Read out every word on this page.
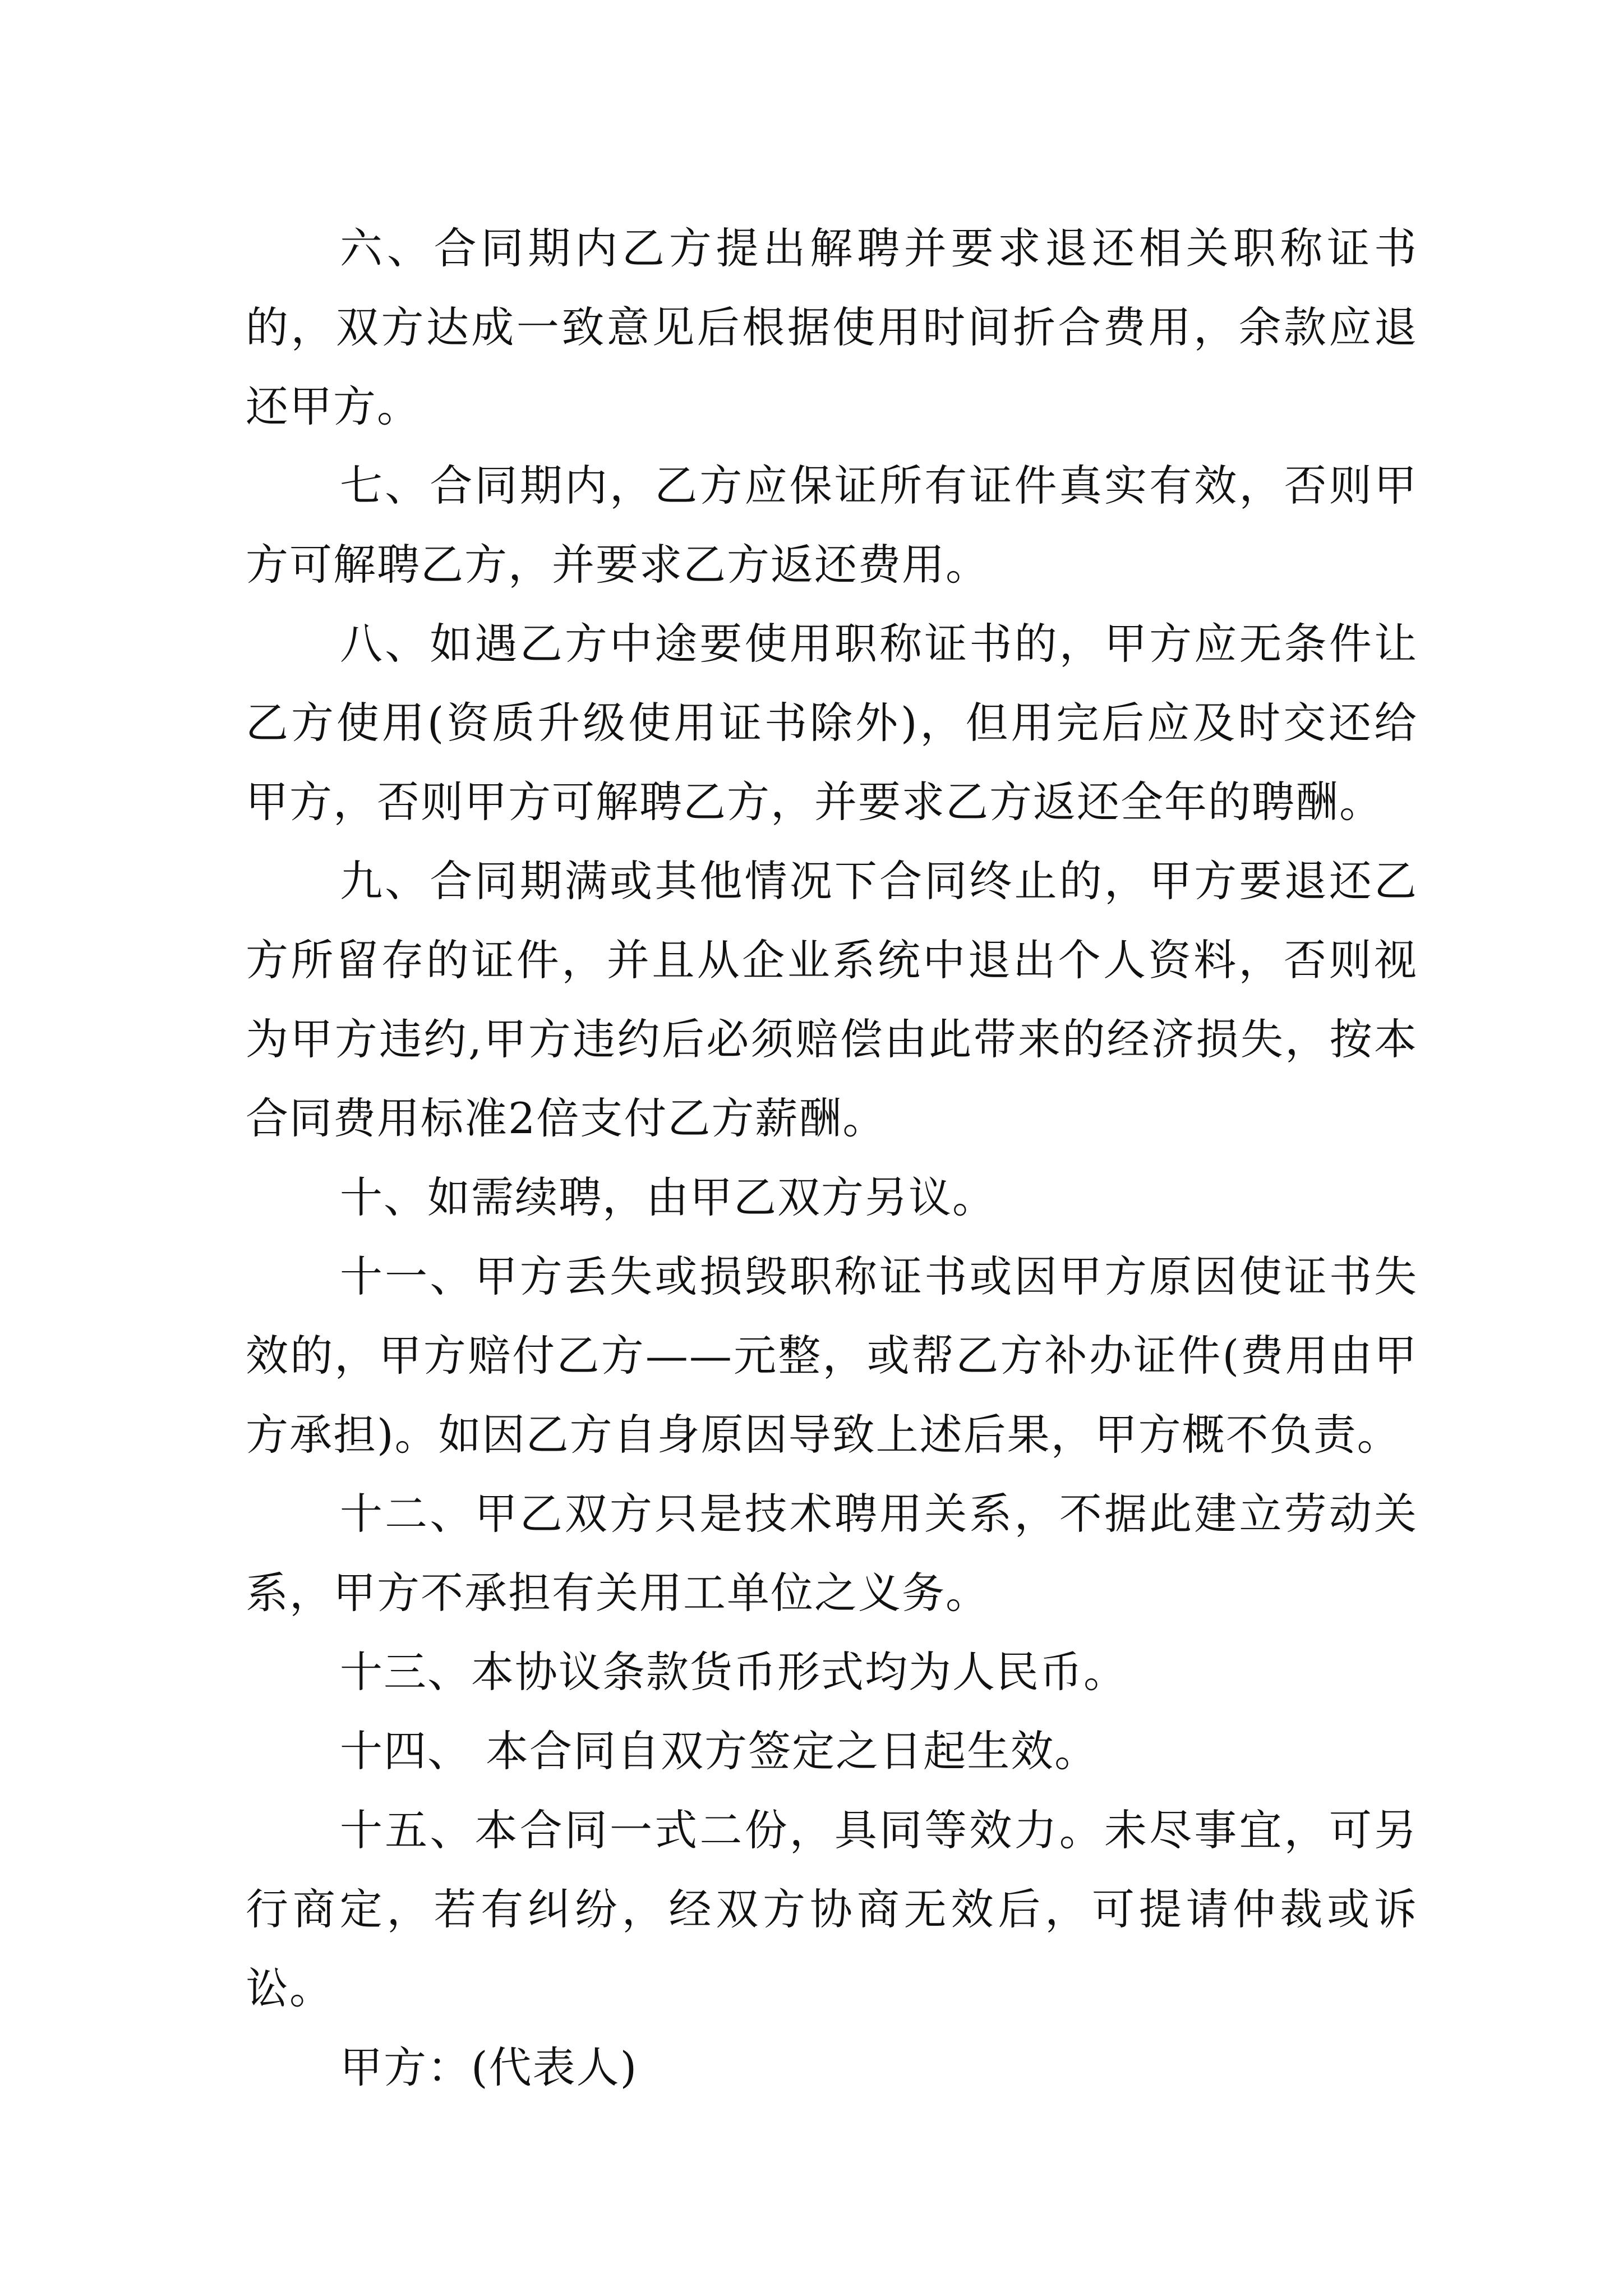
六、合同期内乙方提出解聘并要求退还相关职称证书的，双方达成一致意见后根据使用时间折合费用，余款应退还甲方。

七、合同期内，乙方应保证所有证件真实有效，否则甲方可解聘乙方，并要求乙方返还费用。

八、如遇乙方中途要使用职称证书的，甲方应无条件让乙方使用(资质升级使用证书除外)，但用完后应及时交还给甲方，否则甲方可解聘乙方，并要求乙方返还全年的聘酬。

九、合同期满或其他情况下合同终止的，甲方要退还乙方所留存的证件，并且从企业系统中退出个人资料，否则视为甲方违约,甲方违约后必须赔偿由此带来的经济损失，按本合同费用标准2倍支付乙方薪酬。

十、如需续聘，由甲乙双方另议。

十一、甲方丢失或损毁职称证书或因甲方原因使证书失效的，甲方赔付乙方——元整，或帮乙方补办证件(费用由甲方承担)。如因乙方自身原因导致上述后果，甲方概不负责。

十二、甲乙双方只是技术聘用关系，不据此建立劳动关系，甲方不承担有关用工单位之义务。

十三、本协议条款货币形式均为人民币。

十四、 本合同自双方签定之日起生效。

十五、本合同一式二份，具同等效力。未尽事宜，可另行商定，若有纠纷，经双方协商无效后，可提请仲裁或诉讼。

甲方：(代表人)
